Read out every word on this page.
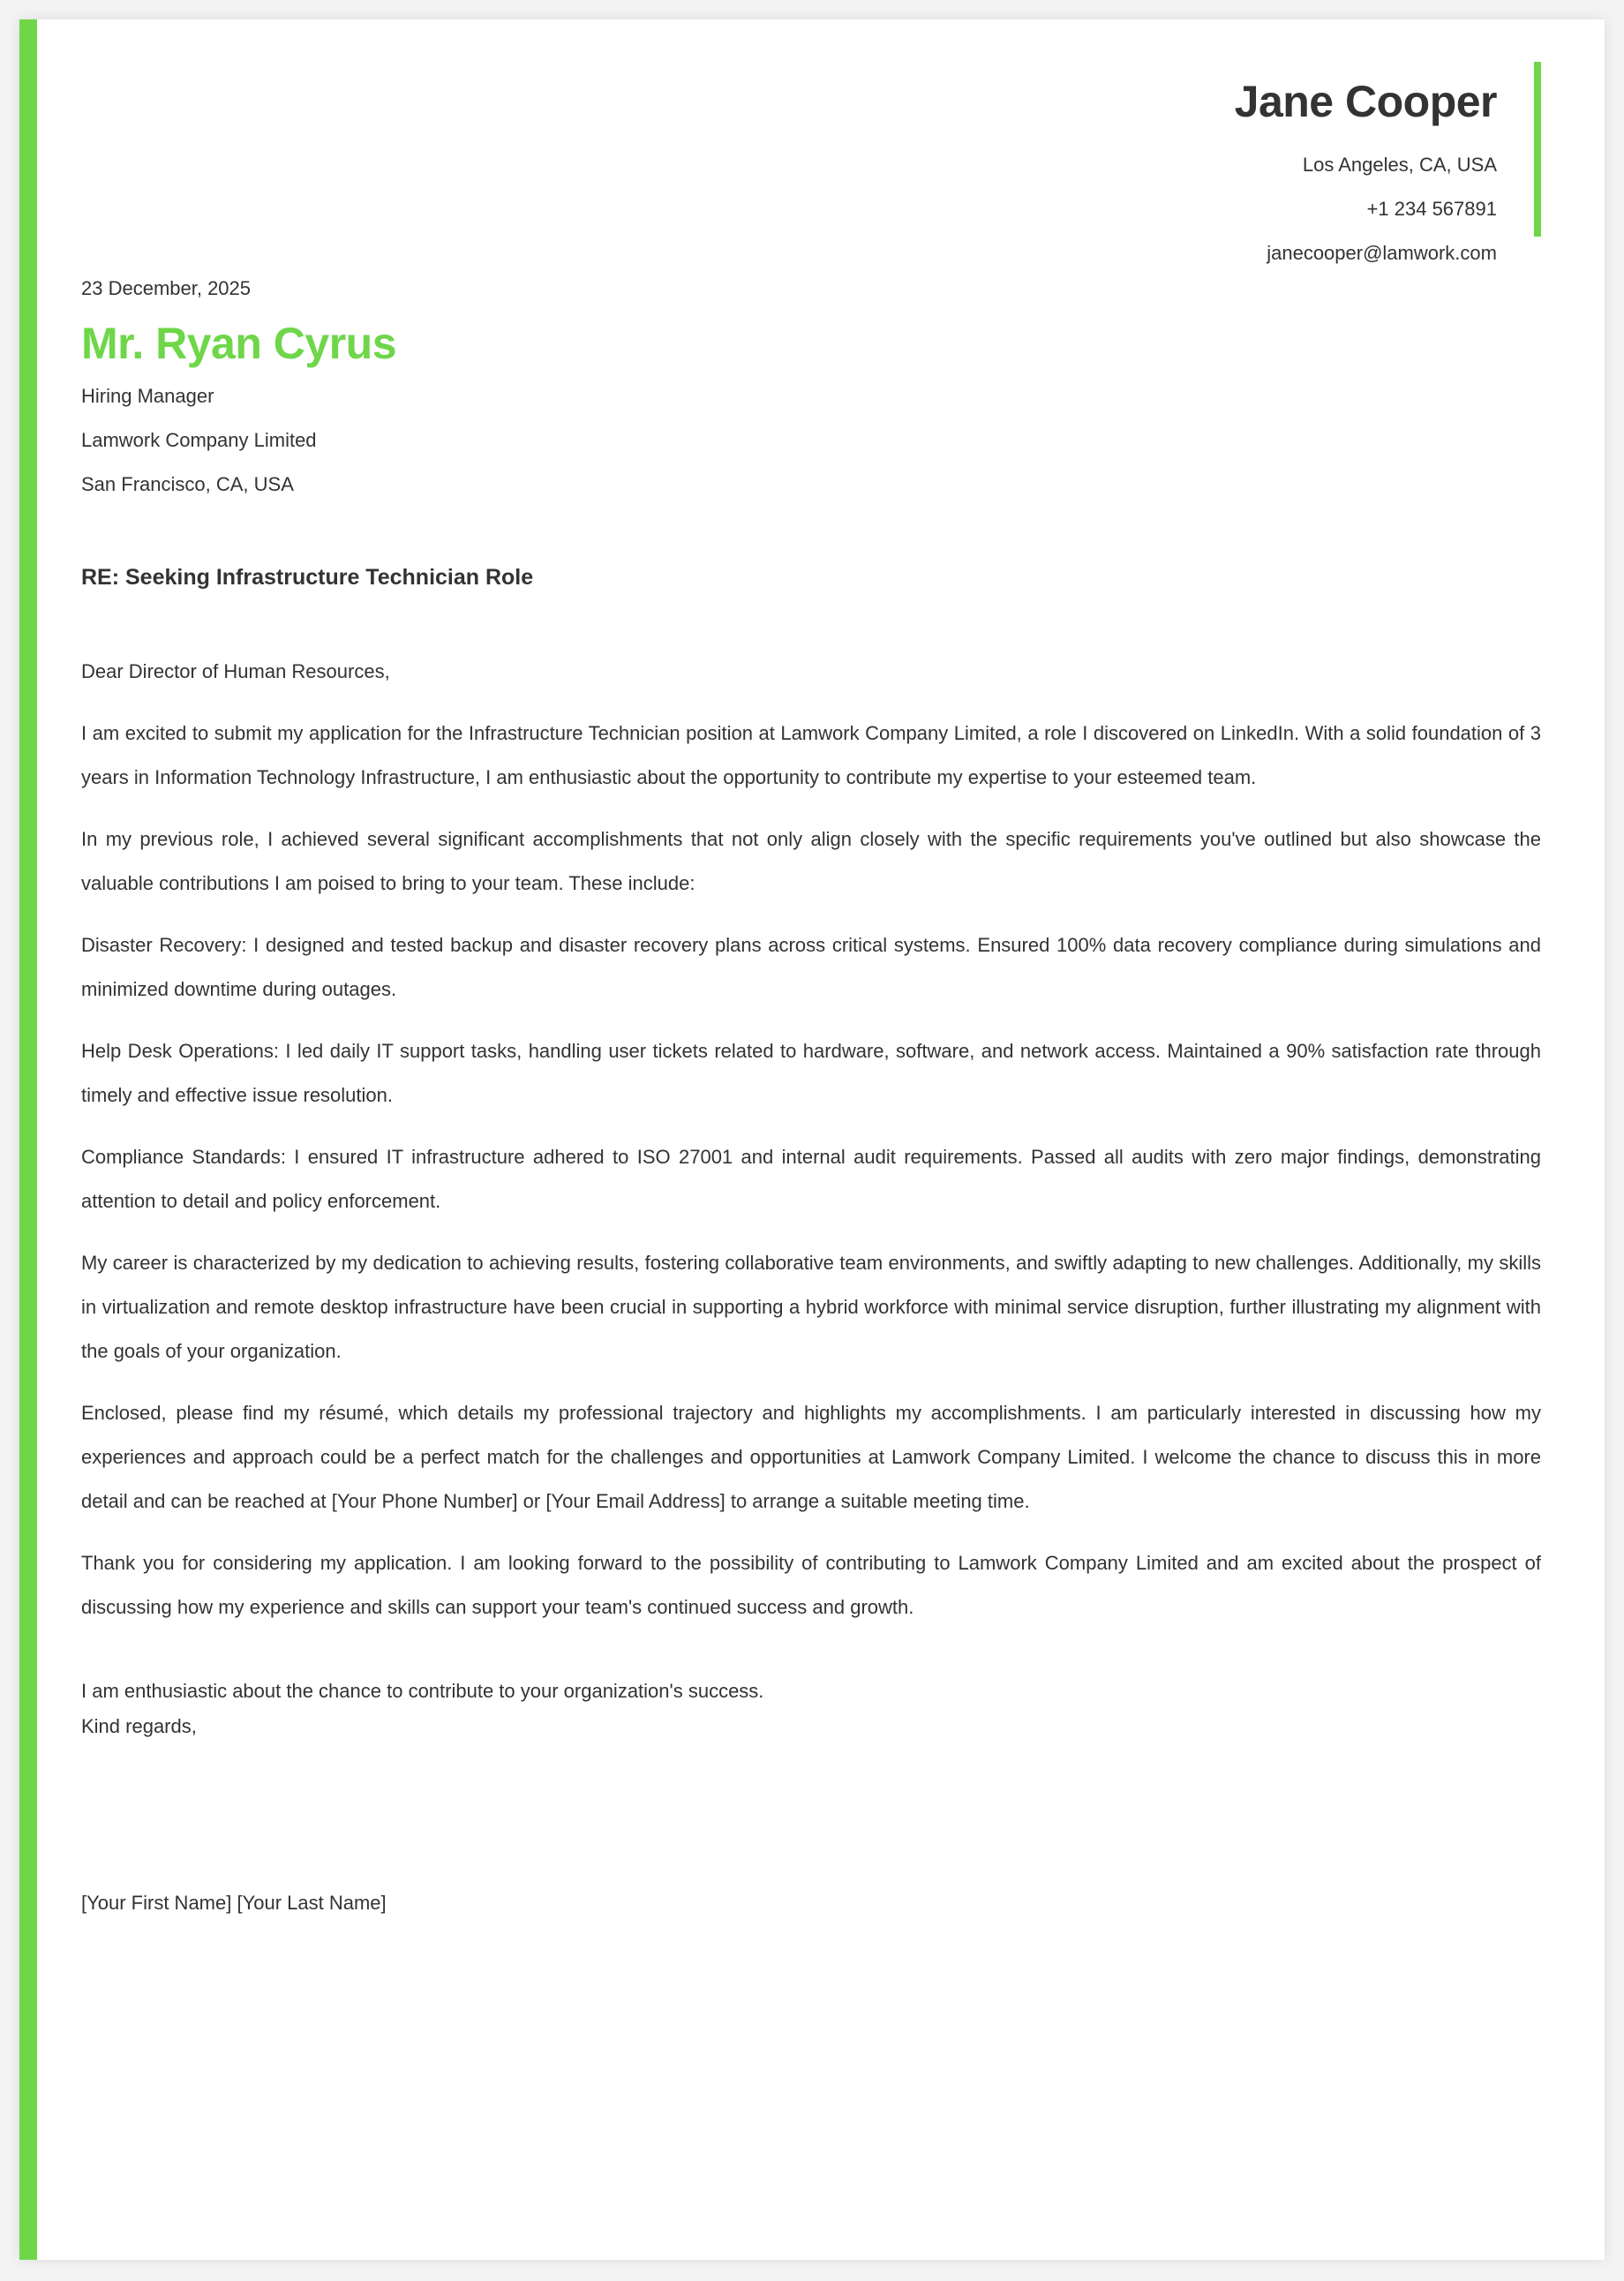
Jane Cooper
Los Angeles, CA, USA
+1 234 567891
janecooper@lamwork.com
23 December, 2025
Mr. Ryan Cyrus
Hiring Manager
Lamwork Company Limited
San Francisco, CA, USA
RE: Seeking Infrastructure Technician Role

Dear Director of Human Resources,

I am excited to submit my application for the Infrastructure Technician position at Lamwork Company Limited, a role I discovered on LinkedIn. With a solid foundation of 3 years in Information Technology Infrastructure, I am enthusiastic about the opportunity to contribute my expertise to your esteemed team.

In my previous role, I achieved several significant accomplishments that not only align closely with the specific requirements you've outlined but also showcase the valuable contributions I am poised to bring to your team. These include:

Disaster Recovery: I designed and tested backup and disaster recovery plans across critical systems. Ensured 100% data recovery compliance during simulations and minimized downtime during outages.

Help Desk Operations: I led daily IT support tasks, handling user tickets related to hardware, software, and network access. Maintained a 90% satisfaction rate through timely and effective issue resolution.

Compliance Standards: I ensured IT infrastructure adhered to ISO 27001 and internal audit requirements. Passed all audits with zero major findings, demonstrating attention to detail and policy enforcement.

My career is characterized by my dedication to achieving results, fostering collaborative team environments, and swiftly adapting to new challenges. Additionally, my skills in virtualization and remote desktop infrastructure have been crucial in supporting a hybrid workforce with minimal service disruption, further illustrating my alignment with the goals of your organization.

Enclosed, please find my résumé, which details my professional trajectory and highlights my accomplishments. I am particularly interested in discussing how my experiences and approach could be a perfect match for the challenges and opportunities at Lamwork Company Limited. I welcome the chance to discuss this in more detail and can be reached at [Your Phone Number] or [Your Email Address] to arrange a suitable meeting time.

Thank you for considering my application. I am looking forward to the possibility of contributing to Lamwork Company Limited and am excited about the prospect of discussing how my experience and skills can support your team's continued success and growth.

I am enthusiastic about the chance to contribute to your organization's success.
Kind regards,
[Your First Name] [Your Last Name]
